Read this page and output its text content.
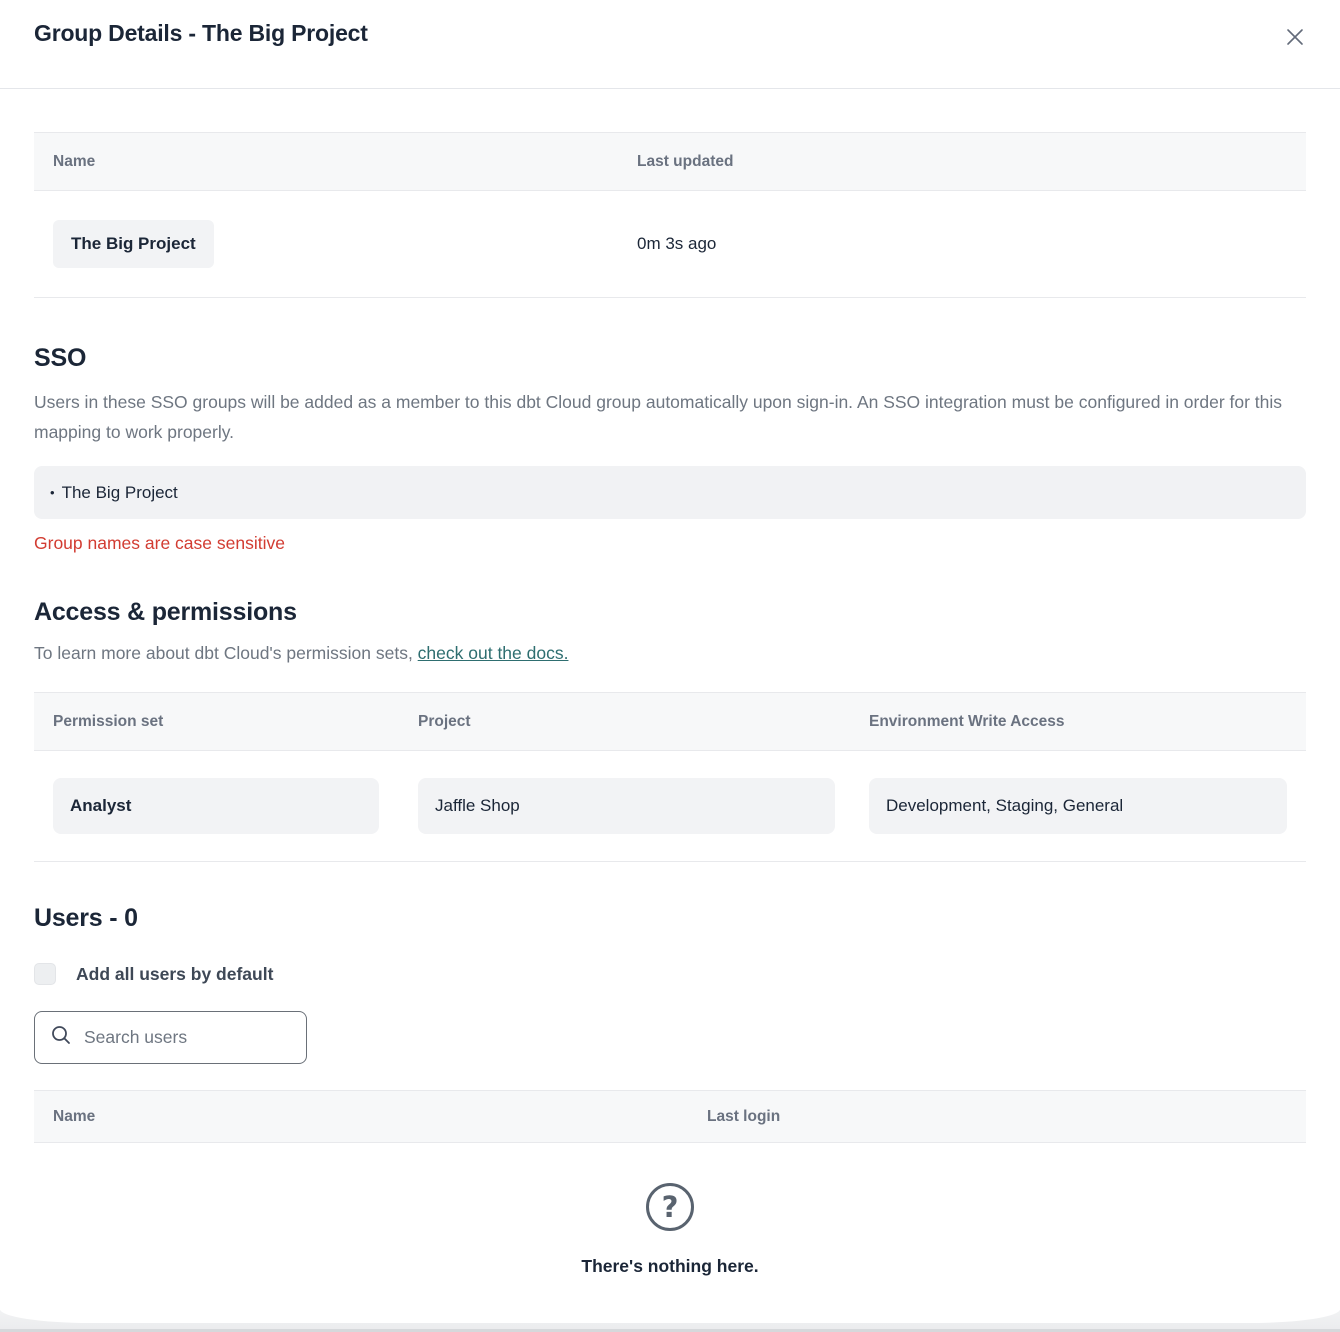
Group Details - The Big Project
Name	Last updated
The Big Project	0m 3s ago
SSO
Users in these SSO groups will be added as a member to this dbt Cloud group automatically upon sign-in. An SSO integration must be configured in order for this mapping to work properly.
• The Big Project
Group names are case sensitive
Access & permissions
To learn more about dbt Cloud's permission sets, check out the docs.
Permission set	Project	Environment Write Access
Analyst	Jaffle Shop	Development, Staging, General
Users - 0
Add all users by default
Search users
Name	Last login
?
There's nothing here.
